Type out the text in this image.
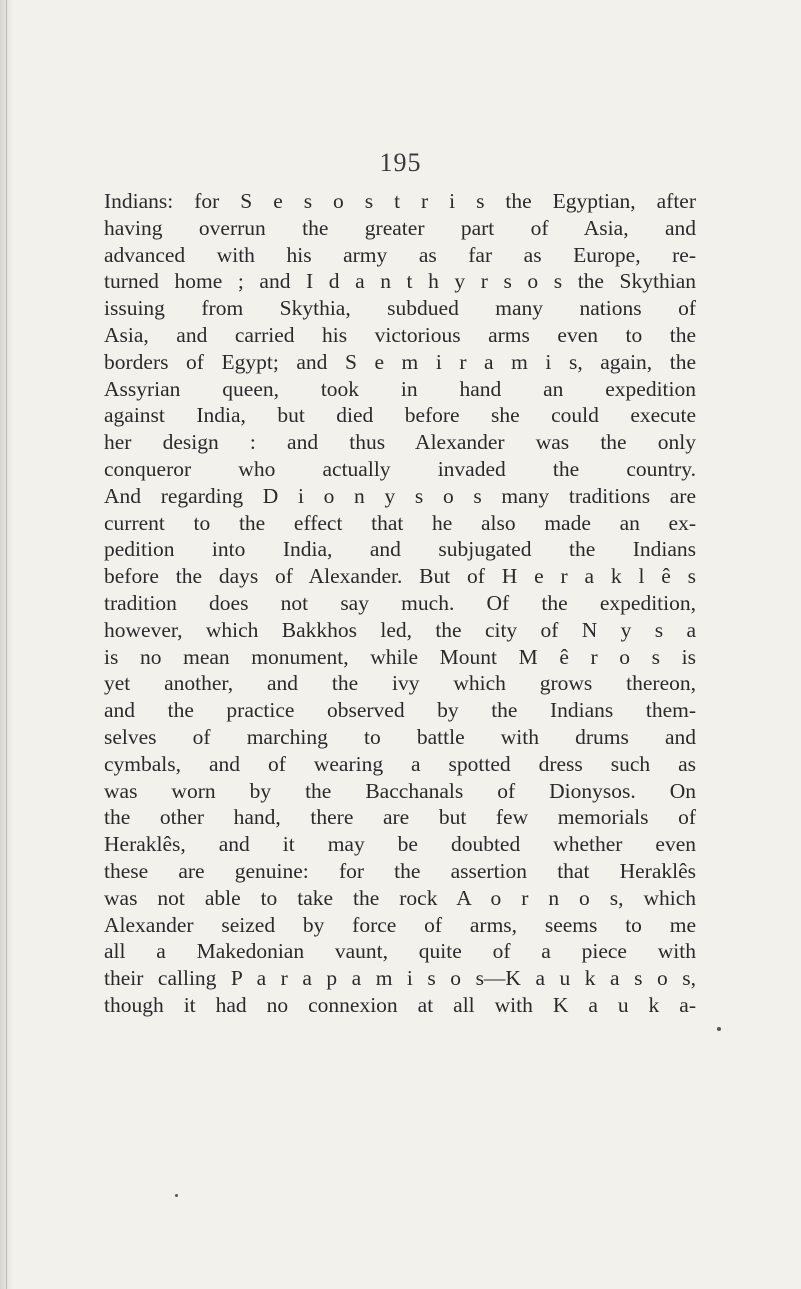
195
Indians: for S e s o s t r i s the Egyptian, after
having overrun the greater part of Asia, and
advanced with his army as far as Europe, re-
turned home ; and I d a n t h y r s o s the Skythian
issuing from Skythia, subdued many nations of
Asia, and carried his victorious arms even to the
borders of Egypt; and S e m i r a m i s, again, the
Assyrian queen, took in hand an expedition
against India, but died before she could execute
her design : and thus Alexander was the only
conqueror who actually invaded the country.
And regarding D i o n y s o s many traditions are
current to the effect that he also made an ex-
pedition into India, and subjugated the Indians
before the days of Alexander. But of H e r a k l ê s
tradition does not say much. Of the expedition,
however, which Bakkhos led, the city of N y s a
is no mean monument, while Mount M ê r o s is
yet another, and the ivy which grows thereon,
and the practice observed by the Indians them-
selves of marching to battle with drums and
cymbals, and of wearing a spotted dress such as
was worn by the Bacchanals of Dionysos. On
the other hand, there are but few memorials of
Heraklês, and it may be doubted whether even
these are genuine: for the assertion that Heraklês
was not able to take the rock A o r n o s, which
Alexander seized by force of arms, seems to me
all a Makedonian vaunt, quite of a piece with
their calling P a r a p a m i s o s—K a u k a s o s,
though it had no connexion at all with K a u k a-
